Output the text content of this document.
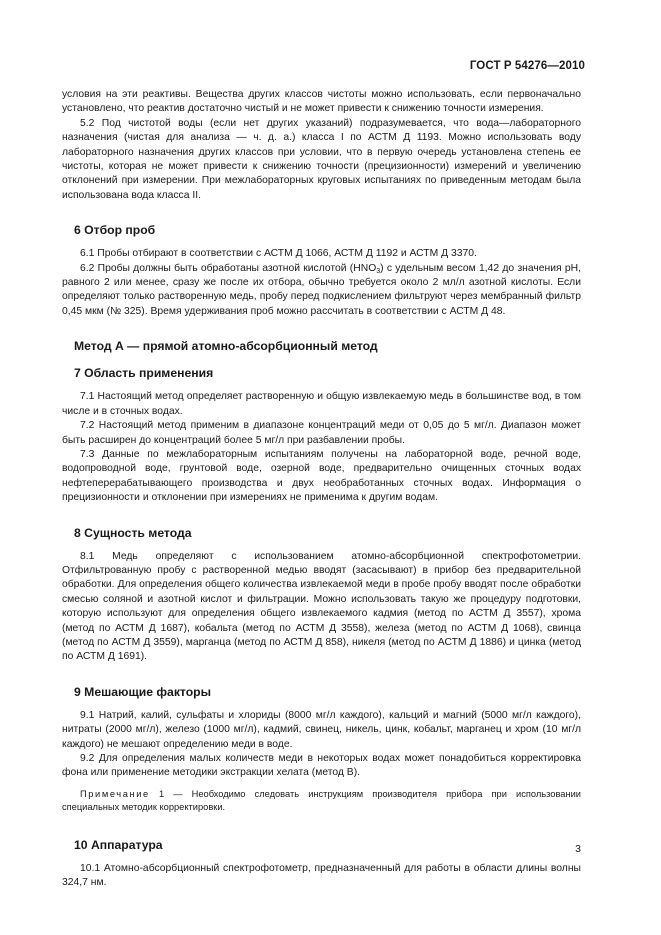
ГОСТ Р 54276—2010

условия на эти реактивы. Вещества других классов чистоты можно использовать, если первоначально установлено, что реактив достаточно чистый и не может привести к снижению точности измерения.

5.2 Под чистотой воды (если нет других указаний) подразумевается, что вода—лабораторного назначения (чистая для анализа — ч. д. а.) класса I по АСТМ Д 1193. Можно использовать воду лабораторного назначения других классов при условии, что в первую очередь установлена степень ее чистоты, которая не может привести к снижению точности (прецизионности) измерений и увеличению отклонений при измерении. При межлабораторных круговых испытаниях по приведенным методам была использована вода класса II.

6 Отбор проб

6.1 Пробы отбирают в соответствии с АСТМ Д 1066, АСТМ Д 1192 и АСТМ Д 3370.

6.2 Пробы должны быть обработаны азотной кислотой $(HNO_3)$ с удельным весом 1,42 до значения pH, равного 2 или менее, сразу же после их отбора, обычно требуется около 2 мл/л азотной кислоты. Если определяют только растворенную медь, пробу перед подкислением фильтруют через мембранный фильтр 0,45 мкм (№ 325). Время удерживания проб можно рассчитать в соответствии с АСТМ Д 48.

Метод А — прямой атомно-абсорбционный метод

7 Область применения

7.1 Настоящий метод определяет растворенную и общую извлекаемую медь в большинстве вод, в том числе и в сточных водах.

7.2 Настоящий метод применим в диапазоне концентраций меди от 0,05 до 5 мг/л. Диапазон может быть расширен до концентраций более 5 мг/л при разбавлении пробы.

7.3 Данные по межлабораторным испытаниям получены на лабораторной воде, речной воде, водопроводной воде, грунтовой воде, озерной воде, предварительно очищенных сточных водах нефтеперерабатывающего производства и двух необработанных сточных водах. Информация о прецизионности и отклонении при измерениях не применима к другим водам.

8 Сущность метода

8.1 Медь определяют с использованием атомно-абсорбционной спектрофотометрии. Отфильтрованную пробу с растворенной медью вводят (засасывают) в прибор без предварительной обработки. Для определения общего количества извлекаемой меди в пробе пробу вводят после обработки смесью соляной и азотной кислот и фильтрации. Можно использовать такую же процедуру подготовки, которую используют для определения общего извлекаемого кадмия (метод по АСТМ Д 3557), хрома (метод по АСТМ Д 1687), кобальта (метод по АСТМ Д 3558), железа (метод по АСТМ Д 1068), свинца (метод по АСТМ Д 3559), марганца (метод по АСТМ Д 858), никеля (метод по АСТМ Д 1886) и цинка (метод по АСТМ Д 1691).

9 Мешающие факторы

9.1 Натрий, калий, сульфаты и хлориды (8000 мг/л каждого), кальций и магний (5000 мг/л каждого), нитраты (2000 мг/л), железо (1000 мг/л), кадмий, свинец, никель, цинк, кобальт, марганец и хром (10 мг/л каждого) не мешают определению меди в воде.

9.2 Для определения малых количеств меди в некоторых водах может понадобиться корректировка фона или применение методики экстракции хелата (метод В).

Примечание 1 — Необходимо следовать инструкциям производителя прибора при использовании специальных методик корректировки.

10 Аппаратура

10.1 Атомно-абсорбционный спектрофотометр, предназначенный для работы в области длины волны 324,7 нм.

3
